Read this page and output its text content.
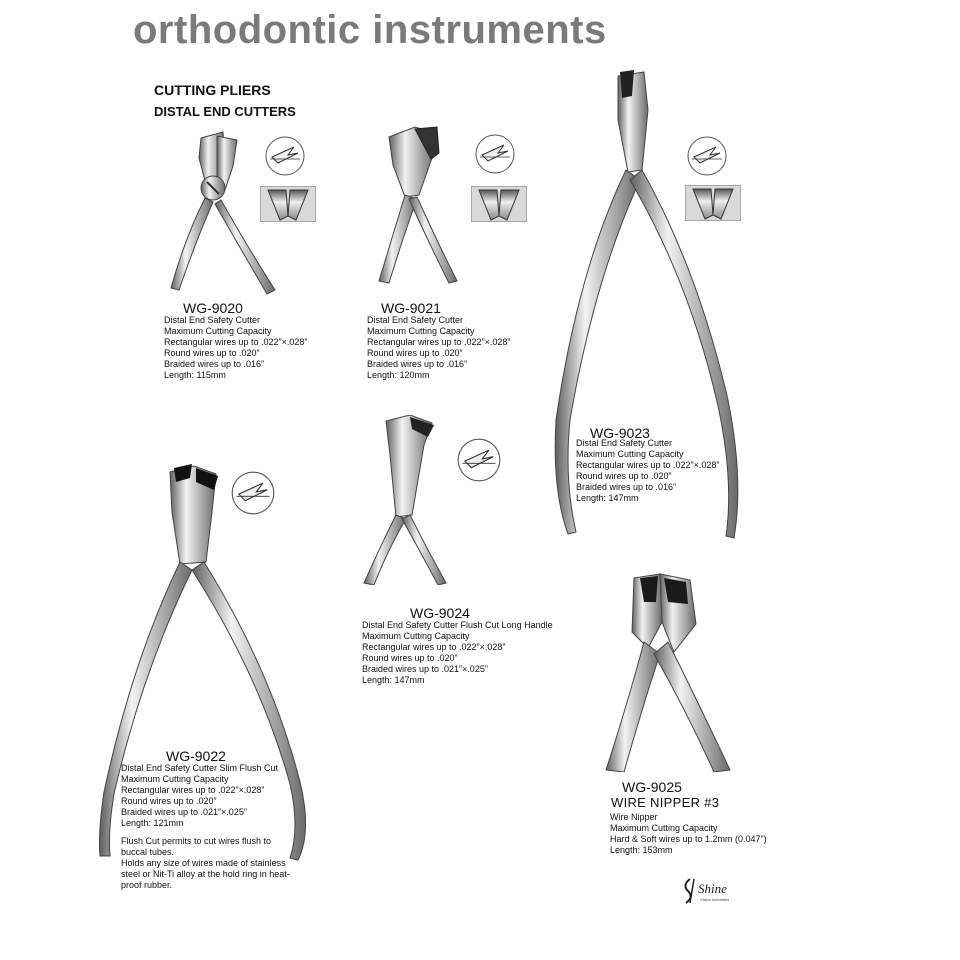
orthodontic instruments
CUTTING PLIERS
DISTAL END CUTTERS
WG-9020
Distal End Safety Cutter
Maximum Cutting Capacity
Rectangular wires up to .022”×.028”
Round wires up to .020”
Braided wires up to .016”
Length: 115mm
WG-9021
Distal End Safety Cutter
Maximum Cutting Capacity
Rectangular wires up to .022”×.028”
Round wires up to .020”
Braided wires up to .016”
Length: 120mm
WG-9023
Distal End Safety Cutter
Maximum Cutting Capacity
Rectangular wires up to .022”×.028”
Round wires up to .020”
Braided wires up to .016”
Length: 147mm
WG-9024
Distal End Safety Cutter Flush Cut Long Handle
Maximum Cutting Capacity
Rectangular wires up to .022”×.028”
Round wires up to .020”
Braided wires up to .021”×.025”
Length: 147mm
WG-9022
Distal End Safety Cutter Slim Flush Cut
Maximum Cutting Capacity
Rectangular wires up to .022”×.028”
Round wires up to .020”
Braided wires up to .021”×.025”
Length: 121mm
Flush Cut permits to cut wires flush to buccal tubes.
Holds any size of wires made of stainless steel or Nit-Ti alloy at the hold ring in heat-proof rubber.
WG-9025
WIRE NIPPER #3
Wire Nipper
Maximum Cutting Capacity
Hard & Soft wires up to 1.2mm (0.047”)
Length: 153mm
Shine
Vision Industries
